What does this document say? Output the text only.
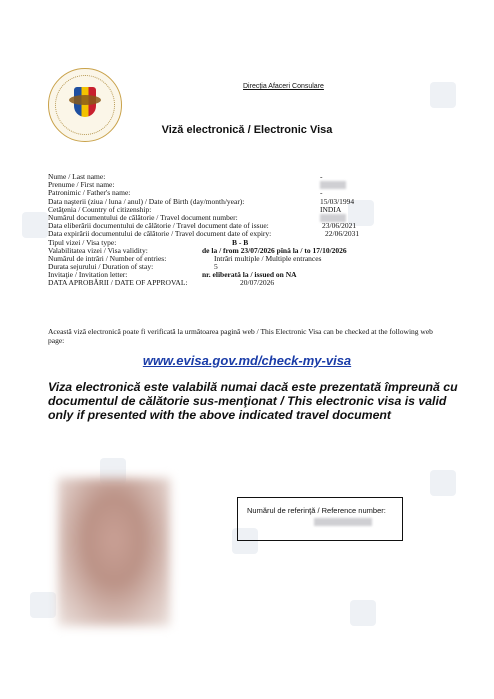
Direcţia Afaceri Consulare
Viză electronică / Electronic Visa
Nume / Last name:	-
Prenume / First name:
Patronimic / Father's name:	-
Data naşterii (ziua / luna / anul) / Date of Birth (day/month/year):	15/03/1994
Cetăţenia / Country of citizenship:	INDIA
Numărul documentului de călătorie / Travel document number:
Data eliberării documentului de călătorie / Travel document date of issue:	23/06/2021
Data expirării documentului de călătorie / Travel document date of expiry:	22/06/2031
Tipul vizei / Visa type:	B - B
Valabilitatea vizei / Visa validity:	de la / from 23/07/2026 pînă la / to 17/10/2026
Numărul de intrări / Number of entries:	Intrări multiple / Multiple entrances
Durata sejurului / Duration of stay:	5
Invitaţie / Invitation letter:	nr. eliberată la / issued on NA
DATA APROBĂRII / DATE OF APPROVAL:	20/07/2026
Această viză electronică poate fi verificată la următoarea pagină web / This Electronic Visa can be checked at the following web page:
www.evisa.gov.md/check-my-visa
Viza electronică este valabilă numai dacă este prezentată împreună cu documentul de călătorie sus-menţionat / This electronic visa is valid only if presented with the above indicated travel document
Numărul de referinţă / Reference number:
